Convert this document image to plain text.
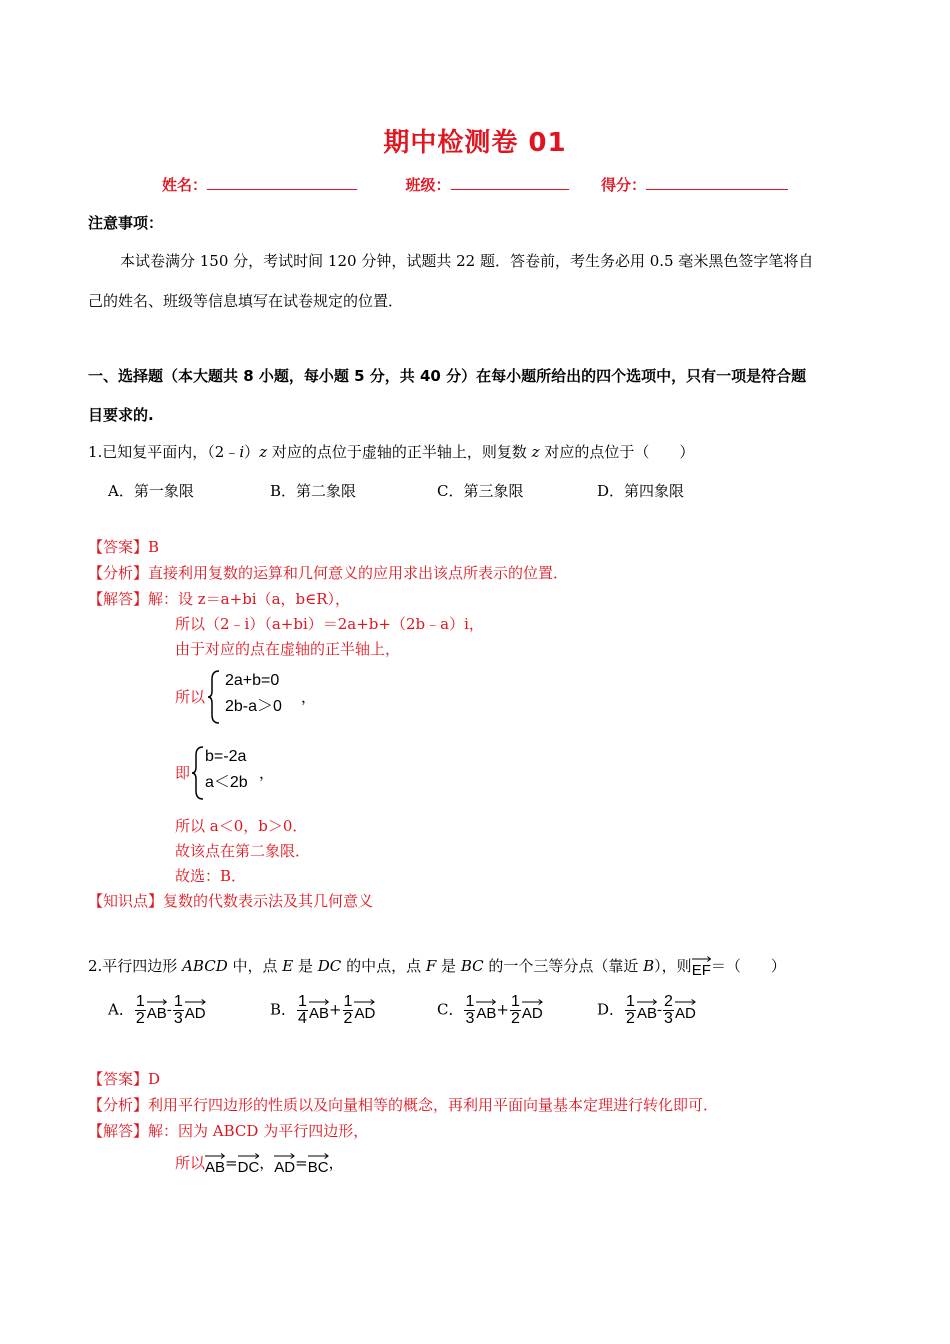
期中检测卷 01
姓名：	班级：	得分：
注意事项：
本试卷满分 150 分，考试时间 120 分钟，试题共 22 题．答卷前，考生务必用 0.5 毫米黑色签字笔将自
己的姓名、班级等信息填写在试卷规定的位置．
一、选择题（本大题共 8 小题，每小题 5 分，共 40 分）在每小题所给出的四个选项中，只有一项是符合题
目要求的.
1.已知复平面内，（2﹣i）z 对应的点位于虚轴的正半轴上，则复数 z 对应的点位于（　　）
A．第一象限	B．第二象限	C．第三象限	D．第四象限
【答案】B
【分析】直接利用复数的运算和几何意义的应用求出该点所表示的位置．
【解答】解：设 z＝a+bi（a，b∈R），
所以（2﹣i）（a+bi）＝2a+b+（2b﹣a）i，
由于对应的点在虚轴的正半轴上，
所以
2a+b=0
2b-a＞0
，
即
b=-2a
a＜2b
，
所以 a＜0，b＞0．
故该点在第二象限．
故选：B．
【知识点】复数的代数表示法及其几何意义
2.平行四边形 ABCD 中，点 E 是 DC 的中点，点 F 是 BC 的一个三等分点（靠近 B），则
EF＝（　　）
A． $\frac{1}{2} AB- \frac{1}{3}$ AD	B． $\frac{1}{4} AB+ \frac{1}{2}$ AD	C． $\frac{1}{3} AB+ \frac{1}{2}$ AD	D． $\frac{1}{2} AB- \frac{2}{3}$ AD
【答案】D
【分析】利用平行四边形的性质以及向量相等的概念，再利用平面向量基本定理进行转化即可．
【解答】解：因为 ABCD 为平行四边形，
所以
AB=
DC，
AD=
BC，
